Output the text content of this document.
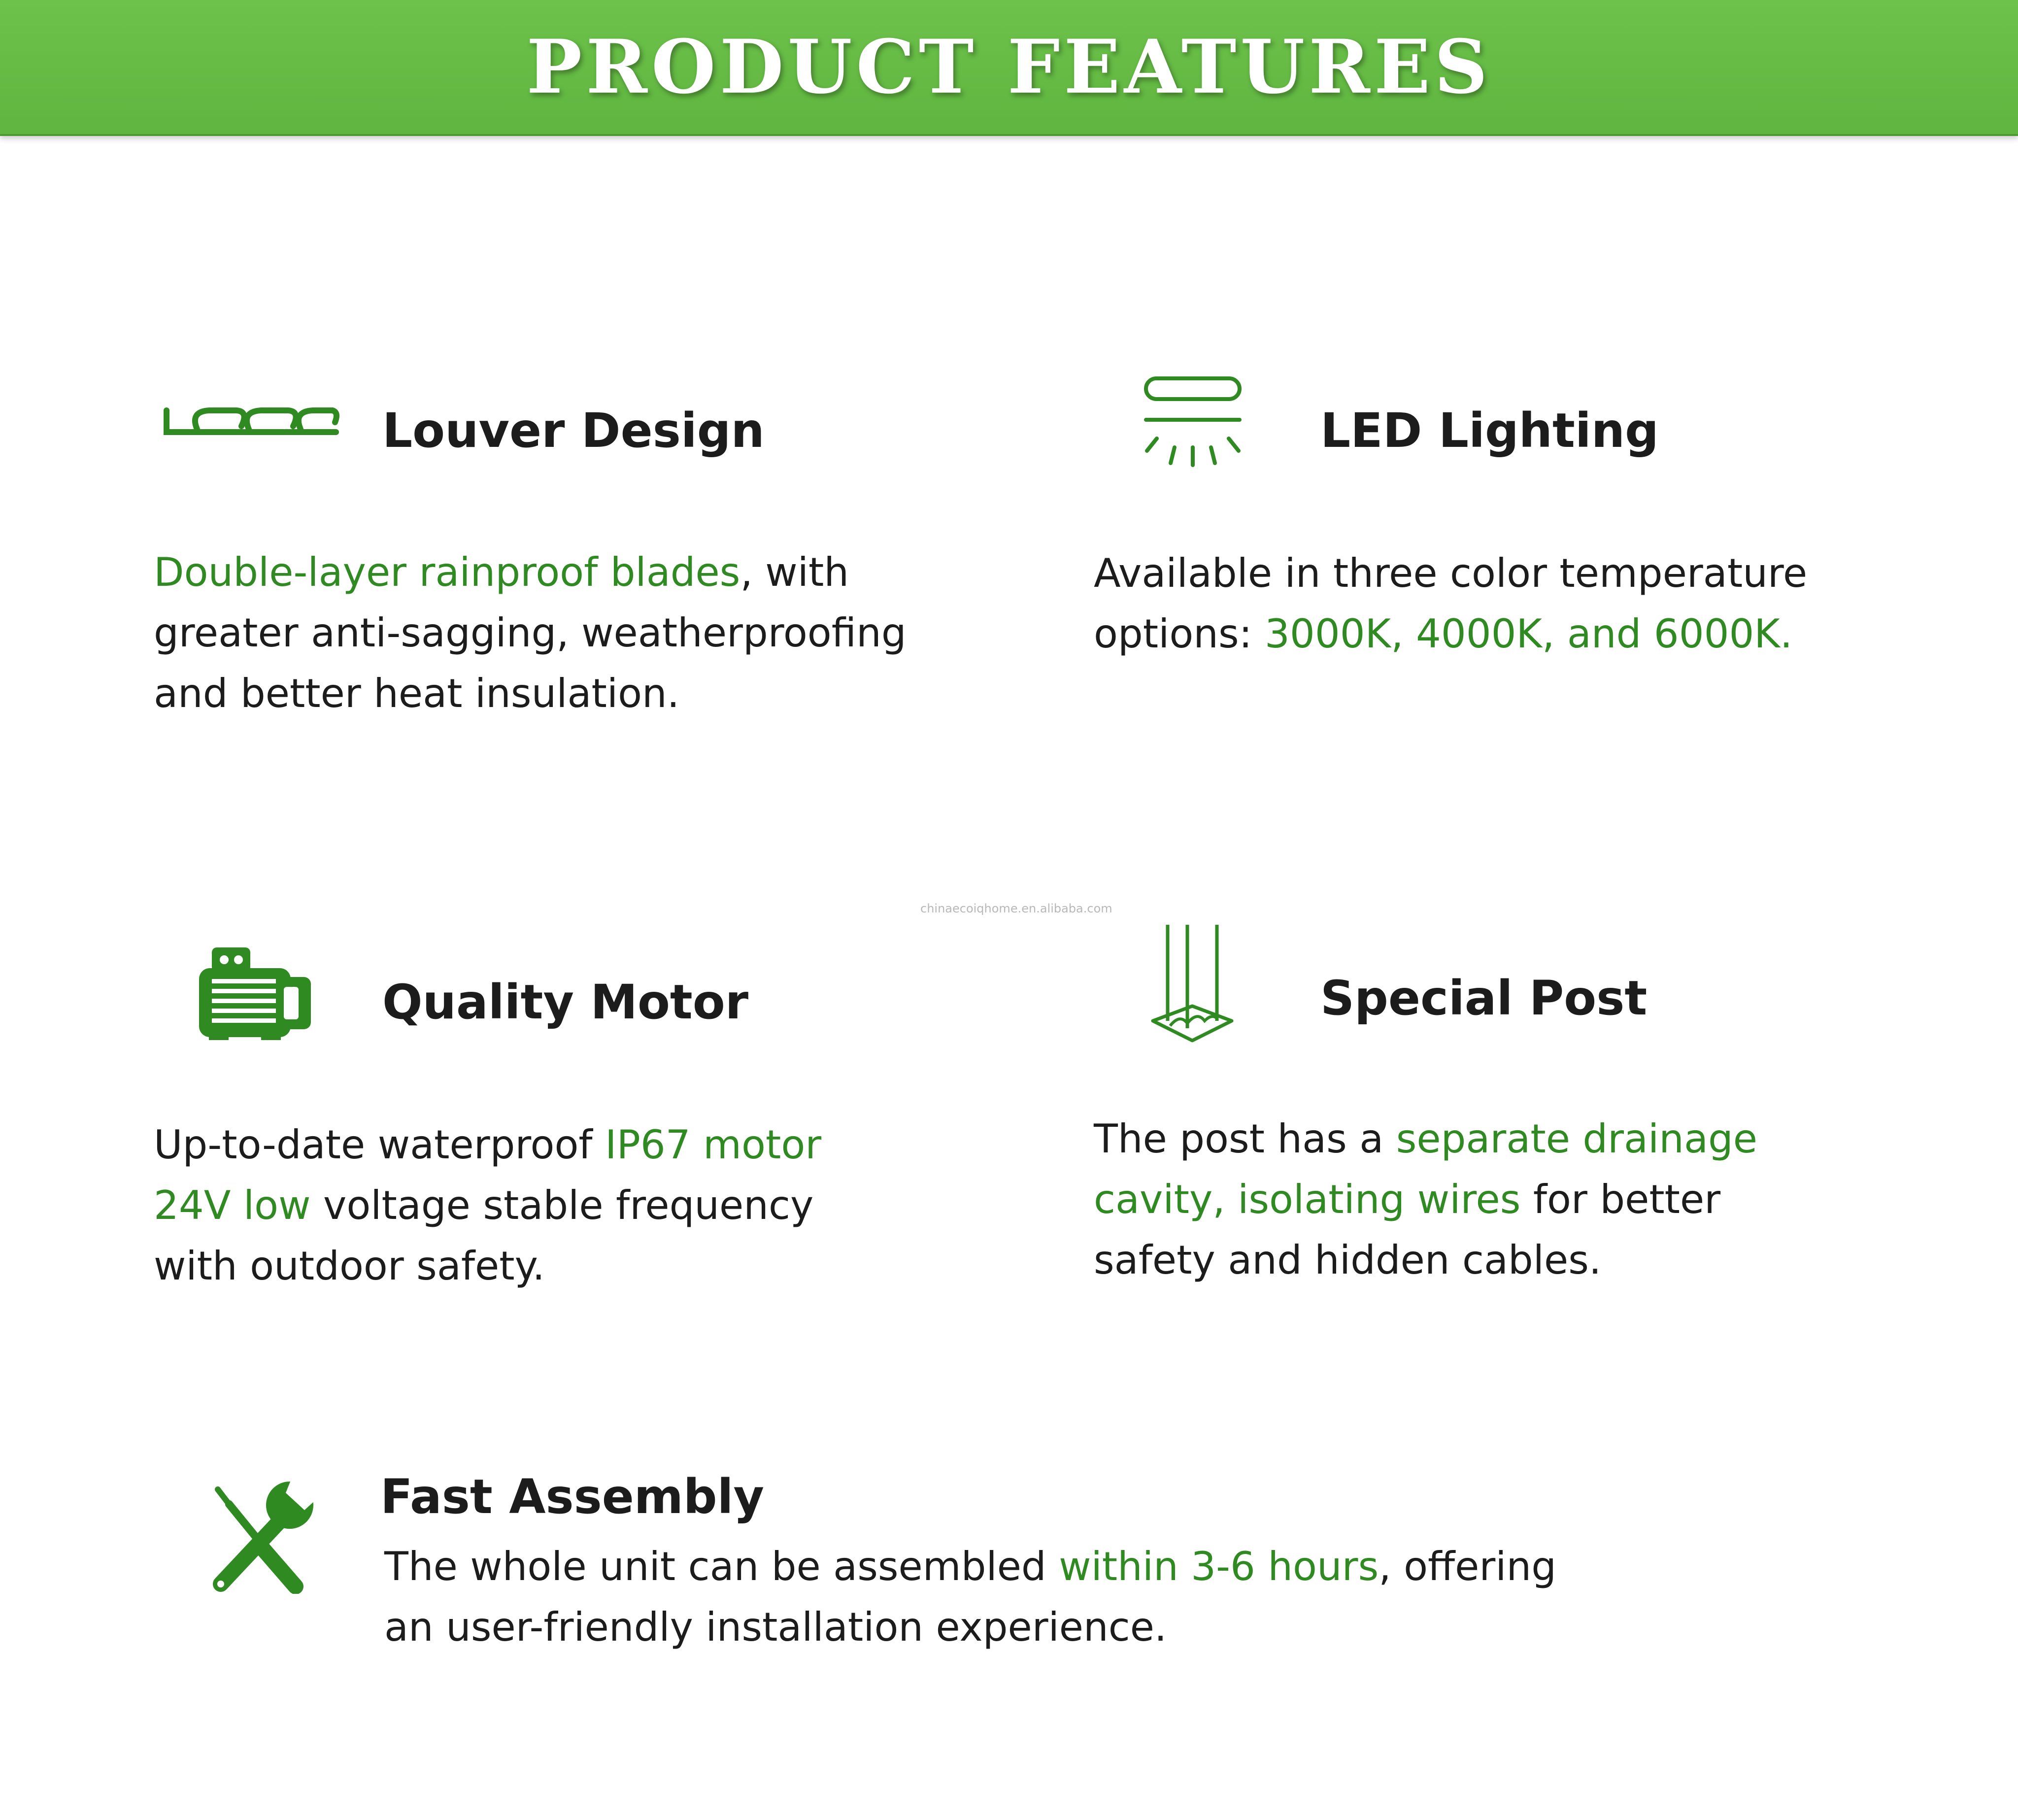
PRODUCT FEATURES
Louver Design
Double-layer rainproof blades, with
greater anti-sagging, weatherproofing
and better heat insulation.
LED Lighting
Available in three color temperature
options: 3000K, 4000K, and 6000K.
chinaecoiqhome.en.alibaba.com
Quality Motor
Up-to-date waterproof IP67 motor
24V low voltage stable frequency
with outdoor safety.
Special Post
The post has a separate drainage
cavity, isolating wires for better
safety and hidden cables.
Fast Assembly
The whole unit can be assembled within 3-6 hours, offering
an user-friendly installation experience.
